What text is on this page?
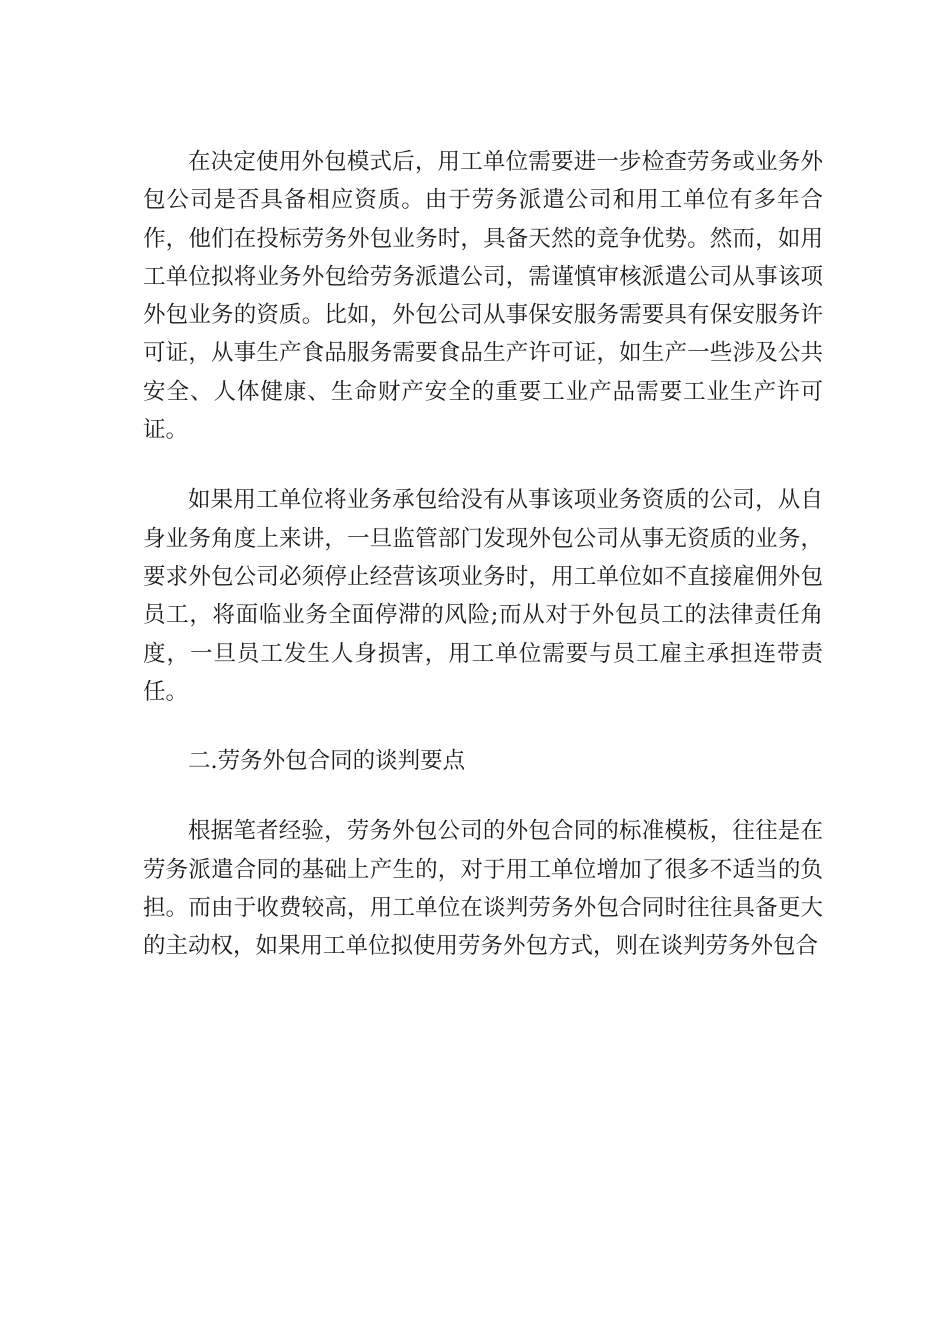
在决定使用外包模式后，用工单位需要进一步检查劳务或业务外包公司是否具备相应资质。由于劳务派遣公司和用工单位有多年合作，他们在投标劳务外包业务时，具备天然的竞争优势。然而，如用工单位拟将业务外包给劳务派遣公司，需谨慎审核派遣公司从事该项外包业务的资质。比如，外包公司从事保安服务需要具有保安服务许可证，从事生产食品服务需要食品生产许可证，如生产一些涉及公共安全、人体健康、生命财产安全的重要工业产品需要工业生产许可证。

如果用工单位将业务承包给没有从事该项业务资质的公司，从自身业务角度上来讲，一旦监管部门发现外包公司从事无资质的业务，要求外包公司必须停止经营该项业务时，用工单位如不直接雇佣外包员工，将面临业务全面停滞的风险;而从对于外包员工的法律责任角度，一旦员工发生人身损害，用工单位需要与员工雇主承担连带责任。

二.劳务外包合同的谈判要点

根据笔者经验，劳务外包公司的外包合同的标准模板，往往是在劳务派遣合同的基础上产生的，对于用工单位增加了很多不适当的负担。而由于收费较高，用工单位在谈判劳务外包合同时往往具备更大的主动权，如果用工单位拟使用劳务外包方式，则在谈判劳务外包合
